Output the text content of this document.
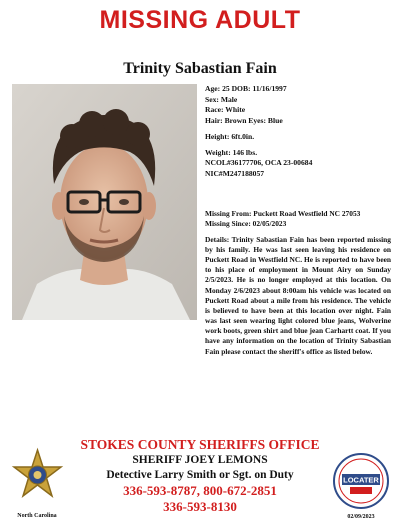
MISSING ADULT
Trinity Sabastian Fain
Age: 25 DOB: 11/16/1997
Sex: Male
Race: White
Hair: Brown Eyes: Blue
Height: 6ft.0in.
Weight: 146 lbs.
NCOL#36177706, OCA 23-00684
NIC#M247188057
Missing From: Puckett Road Westfield NC 27053
Missing Since: 02/05/2023
Details: Trinity Sabastian Fain has been reported missing by his family. He was last seen leaving his residence on Puckett Road in Westfield NC. He is reported to have been to his place of employment in Mount Airy on Sunday 2/5/2023. He is no longer employed at this location. On Monday 2/6/2023 about 8:00am his vehicle was located on Puckett Road about a mile from his residence. The vehicle is believed to have been at this location over night. Fain was last seen wearing light colored blue jeans, Wolverine work boots, green shirt and blue jean Carhartt coat. If you have any information on the location of Trinity Sabastian Fain please contact the sheriff's office as listed below.
North Carolina
STOKES COUNTY SHERIFFS OFFICE
SHERIFF JOEY LEMONS
Detective Larry Smith or Sgt. on Duty
336-593-8787, 800-672-2851
336-593-8130
LOCATER
02/09/2023
